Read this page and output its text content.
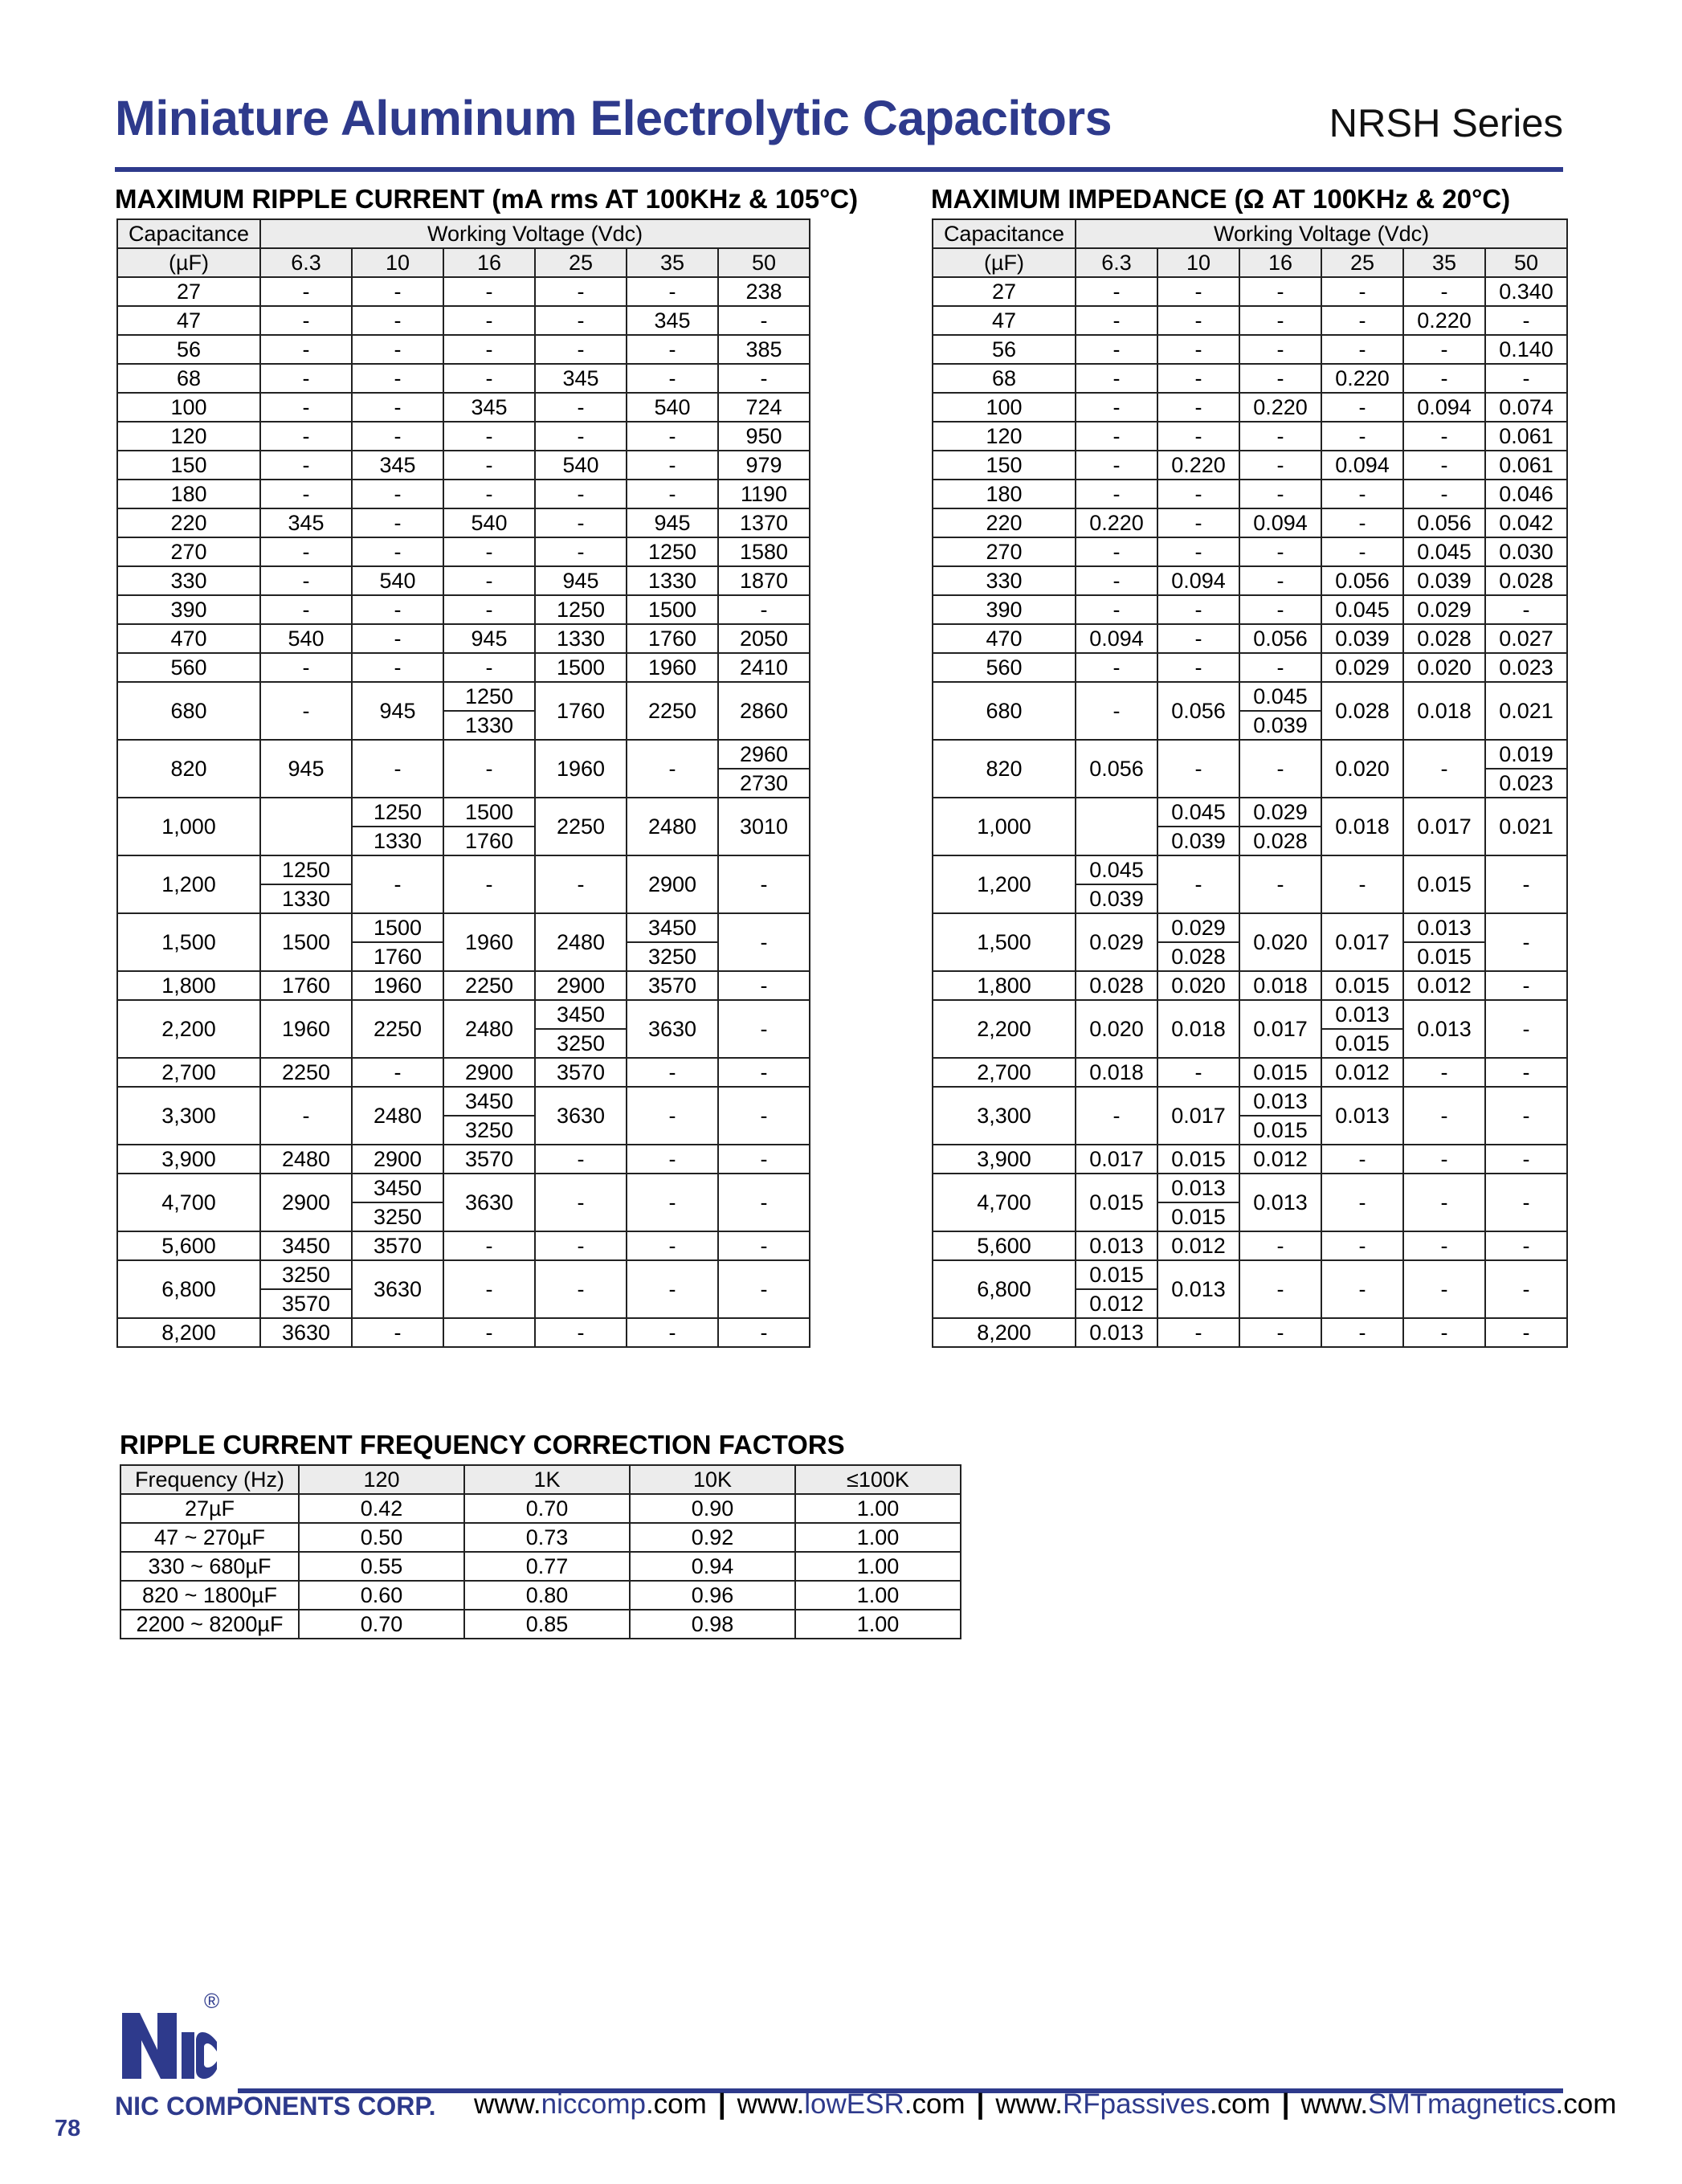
Miniature Aluminum Electrolytic Capacitors	NRSH Series
MAXIMUM RIPPLE CURRENT (mA rms AT 100KHz & 105°C)
Capacitance	Working Voltage (Vdc)					
(µF)	6.3	10	16	25	35	50
27	-	-	-	-	-	238
47	-	-	-	-	345	-
56	-	-	-	-	-	385
68	-	-	-	345	-	-
100	-	-	345	-	540	724
120	-	-	-	-	-	950
150	-	345	-	540	-	979
180	-	-	-	-	-	1190
220	345	-	540	-	945	1370
270	-	-	-	-	1250	1580
330	-	540	-	945	1330	1870
390	-	-	-	1250	1500	-
470	540	-	945	1330	1760	2050
560	-	-	-	1500	1960	2410
680	-	945	1250	1760	2250	2860
			1330			
820	945	-	-	1960	-	2960
						2730
1,000		1250	1500	2250	2480	3010
		1330	1760			
1,200	1250	-	-	-	2900	-
	1330					
1,500	1500	1500	1960	2480	3450	-
		1760			3250	
1,800	1760	1960	2250	2900	3570	-
2,200	1960	2250	2480	3450	3630	-
				3250		
2,700	2250	-	2900	3570	-	-
3,300	-	2480	3450	3630	-	-
			3250			
3,900	2480	2900	3570	-	-	-
4,700	2900	3450	3630	-	-	-
		3250				
5,600	3450	3570	-	-	-	-
6,800	3250	3630	-	-	-	-
	3570					
8,200	3630	-	-	-	-	-
MAXIMUM IMPEDANCE (Ω AT 100KHz & 20°C)
Capacitance	Working Voltage (Vdc)					
(µF)	6.3	10	16	25	35	50
27	-	-	-	-	-	0.340
47	-	-	-	-	0.220	-
56	-	-	-	-	-	0.140
68	-	-	-	0.220	-	-
100	-	-	0.220	-	0.094	0.074
120	-	-	-	-	-	0.061
150	-	0.220	-	0.094	-	0.061
180	-	-	-	-	-	0.046
220	0.220	-	0.094	-	0.056	0.042
270	-	-	-	-	0.045	0.030
330	-	0.094	-	0.056	0.039	0.028
390	-	-	-	0.045	0.029	-
470	0.094	-	0.056	0.039	0.028	0.027
560	-	-	-	0.029	0.020	0.023
680	-	0.056	0.045	0.028	0.018	0.021
			0.039			
820	0.056	-	-	0.020	-	0.019
						0.023
1,000		0.045	0.029	0.018	0.017	0.021
		0.039	0.028			
1,200	0.045	-	-	-	0.015	-
	0.039					
1,500	0.029	0.029	0.020	0.017	0.013	-
		0.028			0.015	
1,800	0.028	0.020	0.018	0.015	0.012	-
2,200	0.020	0.018	0.017	0.013	0.013	-
				0.015		
2,700	0.018	-	0.015	0.012	-	-
3,300	-	0.017	0.013	0.013	-	-
			0.015			
3,900	0.017	0.015	0.012	-	-	-
4,700	0.015	0.013	0.013	-	-	-
		0.015				
5,600	0.013	0.012	-	-	-	-
6,800	0.015	0.013	-	-	-	-
	0.012					
8,200	0.013	-	-	-	-	-
RIPPLE CURRENT FREQUENCY CORRECTION FACTORS
Frequency (Hz)	120	1K	10K	≤100K
27µF	0.42	0.70	0.90	1.00
47 ~ 270µF	0.50	0.73	0.92	1.00
330 ~ 680µF	0.55	0.77	0.94	1.00
820 ~ 1800µF	0.60	0.80	0.96	1.00
2200 ~ 8200µF	0.70	0.85	0.98	1.00
®
NIC COMPONENTS CORP. www.niccomp.com | www.lowESR.com | www.RFpassives.com | www.SMTmagnetics.com
78
